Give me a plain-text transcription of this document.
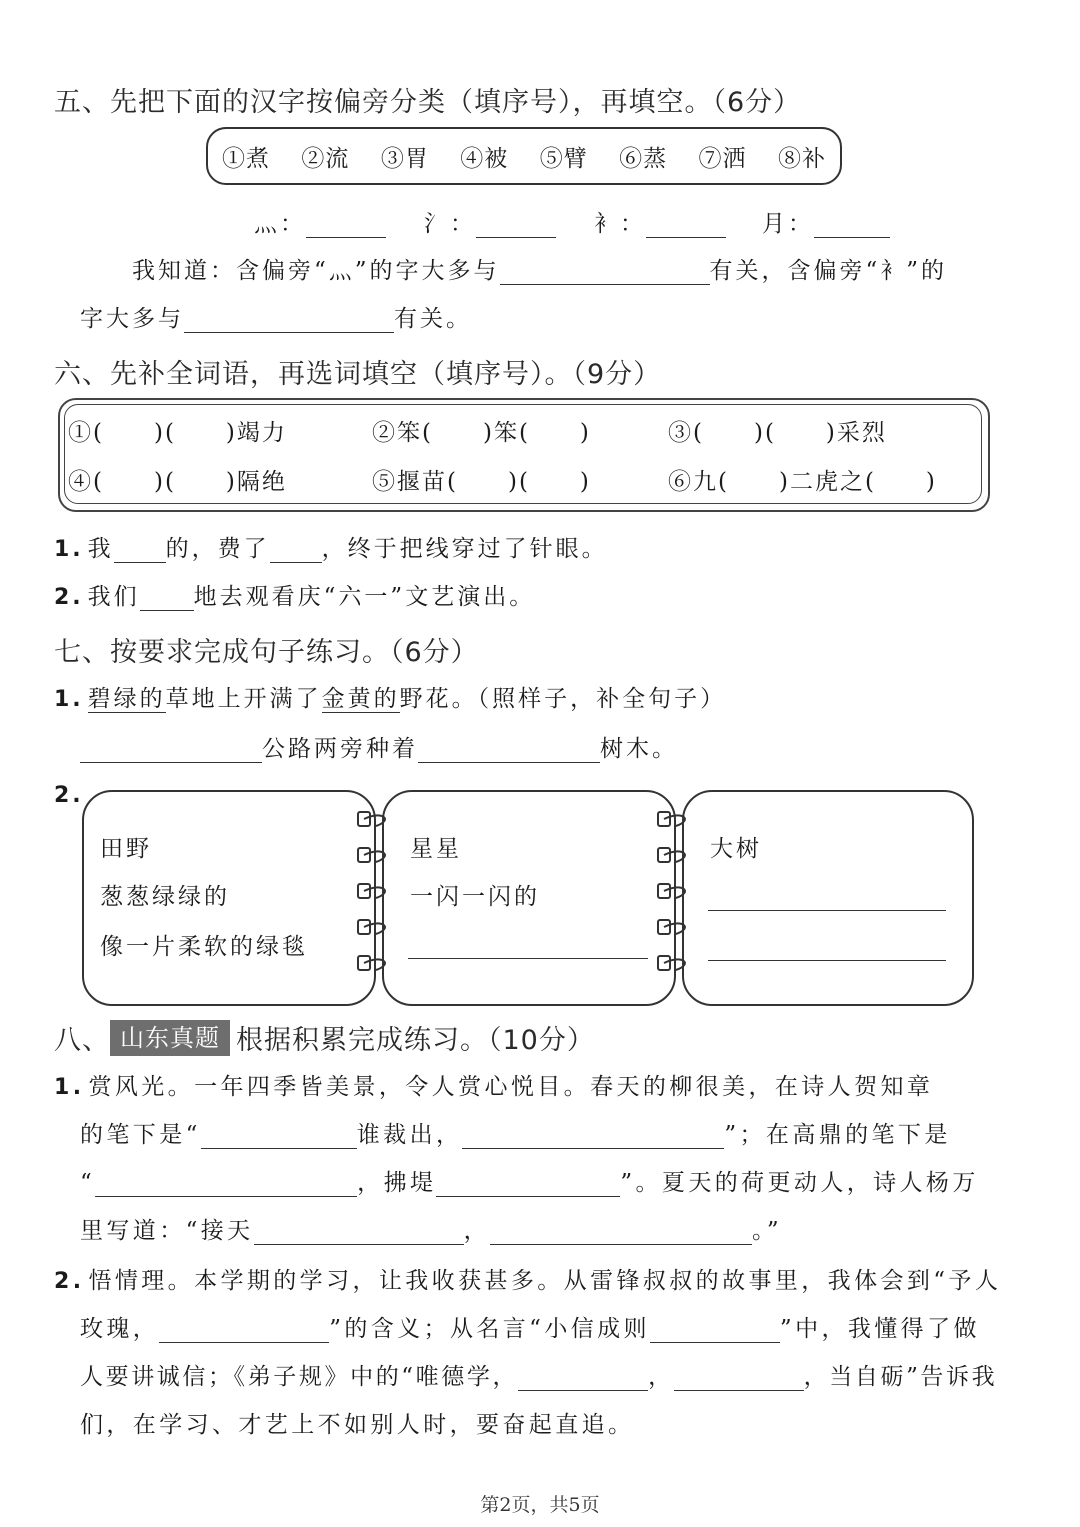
五、先把下面的汉字按偏旁分类（填序号），再填空。（6分）
①煮 ②流 ③胃 ④被 ⑤臂 ⑥蒸 ⑦洒 ⑧补
灬：	氵：	衤：	月：
我知道：含偏旁“灬”的字大多与	有关，含偏旁“衤”的
字大多与	有关。
六、先补全词语，再选词填空（填序号）。（9分）
①(　　)(　　)竭力	②笨(　　)笨(　　)	③(　　)(　　)采烈
④(　　)(　　)隔绝	⑤揠苗(　　)(　　)	⑥九(　　)二虎之(　　)
1. 我 的，费了 ，终于把线穿过了针眼。
2. 我们 地去观看庆“六一”文艺演出。
七、按要求完成句子练习。（6分）
1. 碧绿的草地上开满了金黄的野花。（照样子，补全句子）
公路两旁种着	树木。
2.
田野
葱葱绿绿的
像一片柔软的绿毯
星星
一闪一闪的
大树
八、 山东真题 根据积累完成练习。（10分）
1. 赏风光。一年四季皆美景，令人赏心悦目。春天的柳很美，在诗人贺知章
的笔下是“	谁裁出，	”；在高鼎的笔下是
“	，拂堤	”。夏天的荷更动人，诗人杨万
里写道：“接天	，	。”
2. 悟情理。本学期的学习，让我收获甚多。从雷锋叔叔的故事里，我体会到“予人
玫瑰，	”的含义；从名言“小信成则	”中，我懂得了做
人要讲诚信；《弟子规》中的“唯德学，	，	，当自砺”告诉我
们，在学习、才艺上不如别人时，要奋起直追。
第2页，共5页
